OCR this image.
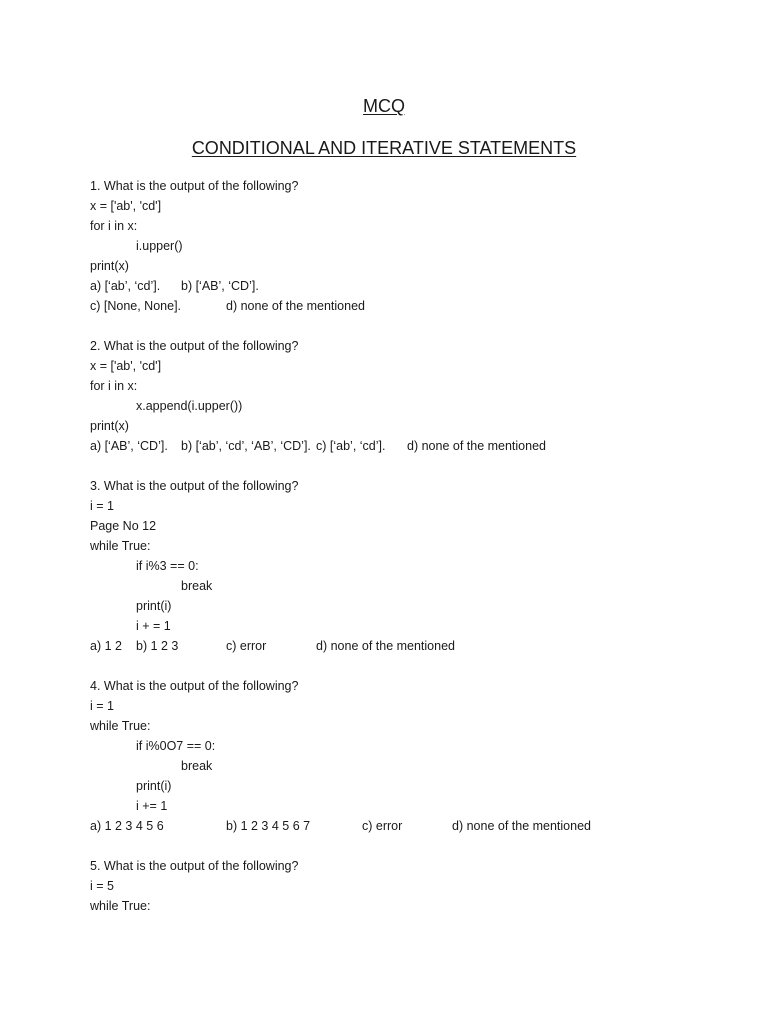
MCQ
CONDITIONAL AND ITERATIVE STATEMENTS
1. What is the output of the following?
x = ['ab', 'cd']
for i in x:
i.upper()
print(x)
a) [‘ab’, ‘cd’]. b) [‘AB’, ‘CD’].
c) [None, None].	d) none of the mentioned
2. What is the output of the following?
x = ['ab', 'cd']
for i in x:
x.append(i.upper())
print(x)
a) [‘AB’, ‘CD’]. b) [‘ab’, ‘cd’, ‘AB’, ‘CD’]. c) [‘ab’, ‘cd’]. d) none of the mentioned
3. What is the output of the following?
i = 1
Page No 12
while True:
if i%3 == 0:
break
print(i)
i + = 1
a) 1 2 b) 1 2 3	c) error	d) none of the mentioned
4. What is the output of the following?
i = 1
while True:
if i%0O7 == 0:
break
print(i)
i += 1
a) 1 2 3 4 5 6	b) 1 2 3 4 5 6 7	c) error	d) none of the mentioned
5. What is the output of the following?
i = 5
while True:
